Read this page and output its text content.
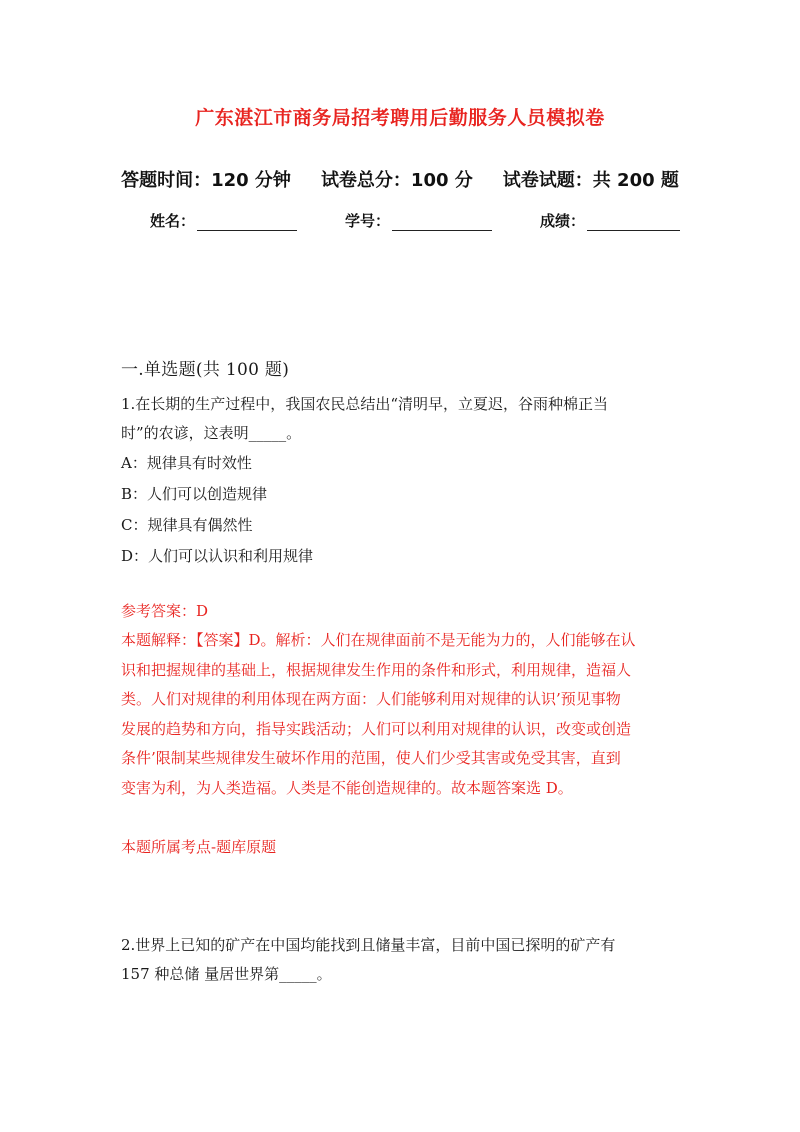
广东湛江市商务局招考聘用后勤服务人员模拟卷
答题时间：120 分钟 试卷总分：100 分 试卷试题：共 200 题
姓名：	学号：	成绩：
一.单选题(共 100 题)

1.在长期的生产过程中，我国农民总结出“清明早，立夏迟，谷雨种棉正当

时”的农谚，这表明_____。

A：规律具有时效性

B：人们可以创造规律

C：规律具有偶然性

D：人们可以认识和利用规律

参考答案：D
本题解释：【答案】D。解析：人们在规律面前不是无能为力的，人们能够在认
识和把握规律的基础上，根据规律发生作用的条件和形式，利用规律，造福人
类。人们对规律的利用体现在两方面：人们能够利用对规律的认识’预见事物
发展的趋势和方向，指导实践活动；人们可以利用对规律的认识，改变或创造
条件’限制某些规律发生破坏作用的范围，使人们少受其害或免受其害，直到
变害为利，为人类造福。人类是不能创造规律的。故本题答案选 D。
本题所属考点-题库原题
2.世界上已知的矿产在中国均能找到且储量丰富，目前中国已探明的矿产有
157 种总储 量居世界第_____。
